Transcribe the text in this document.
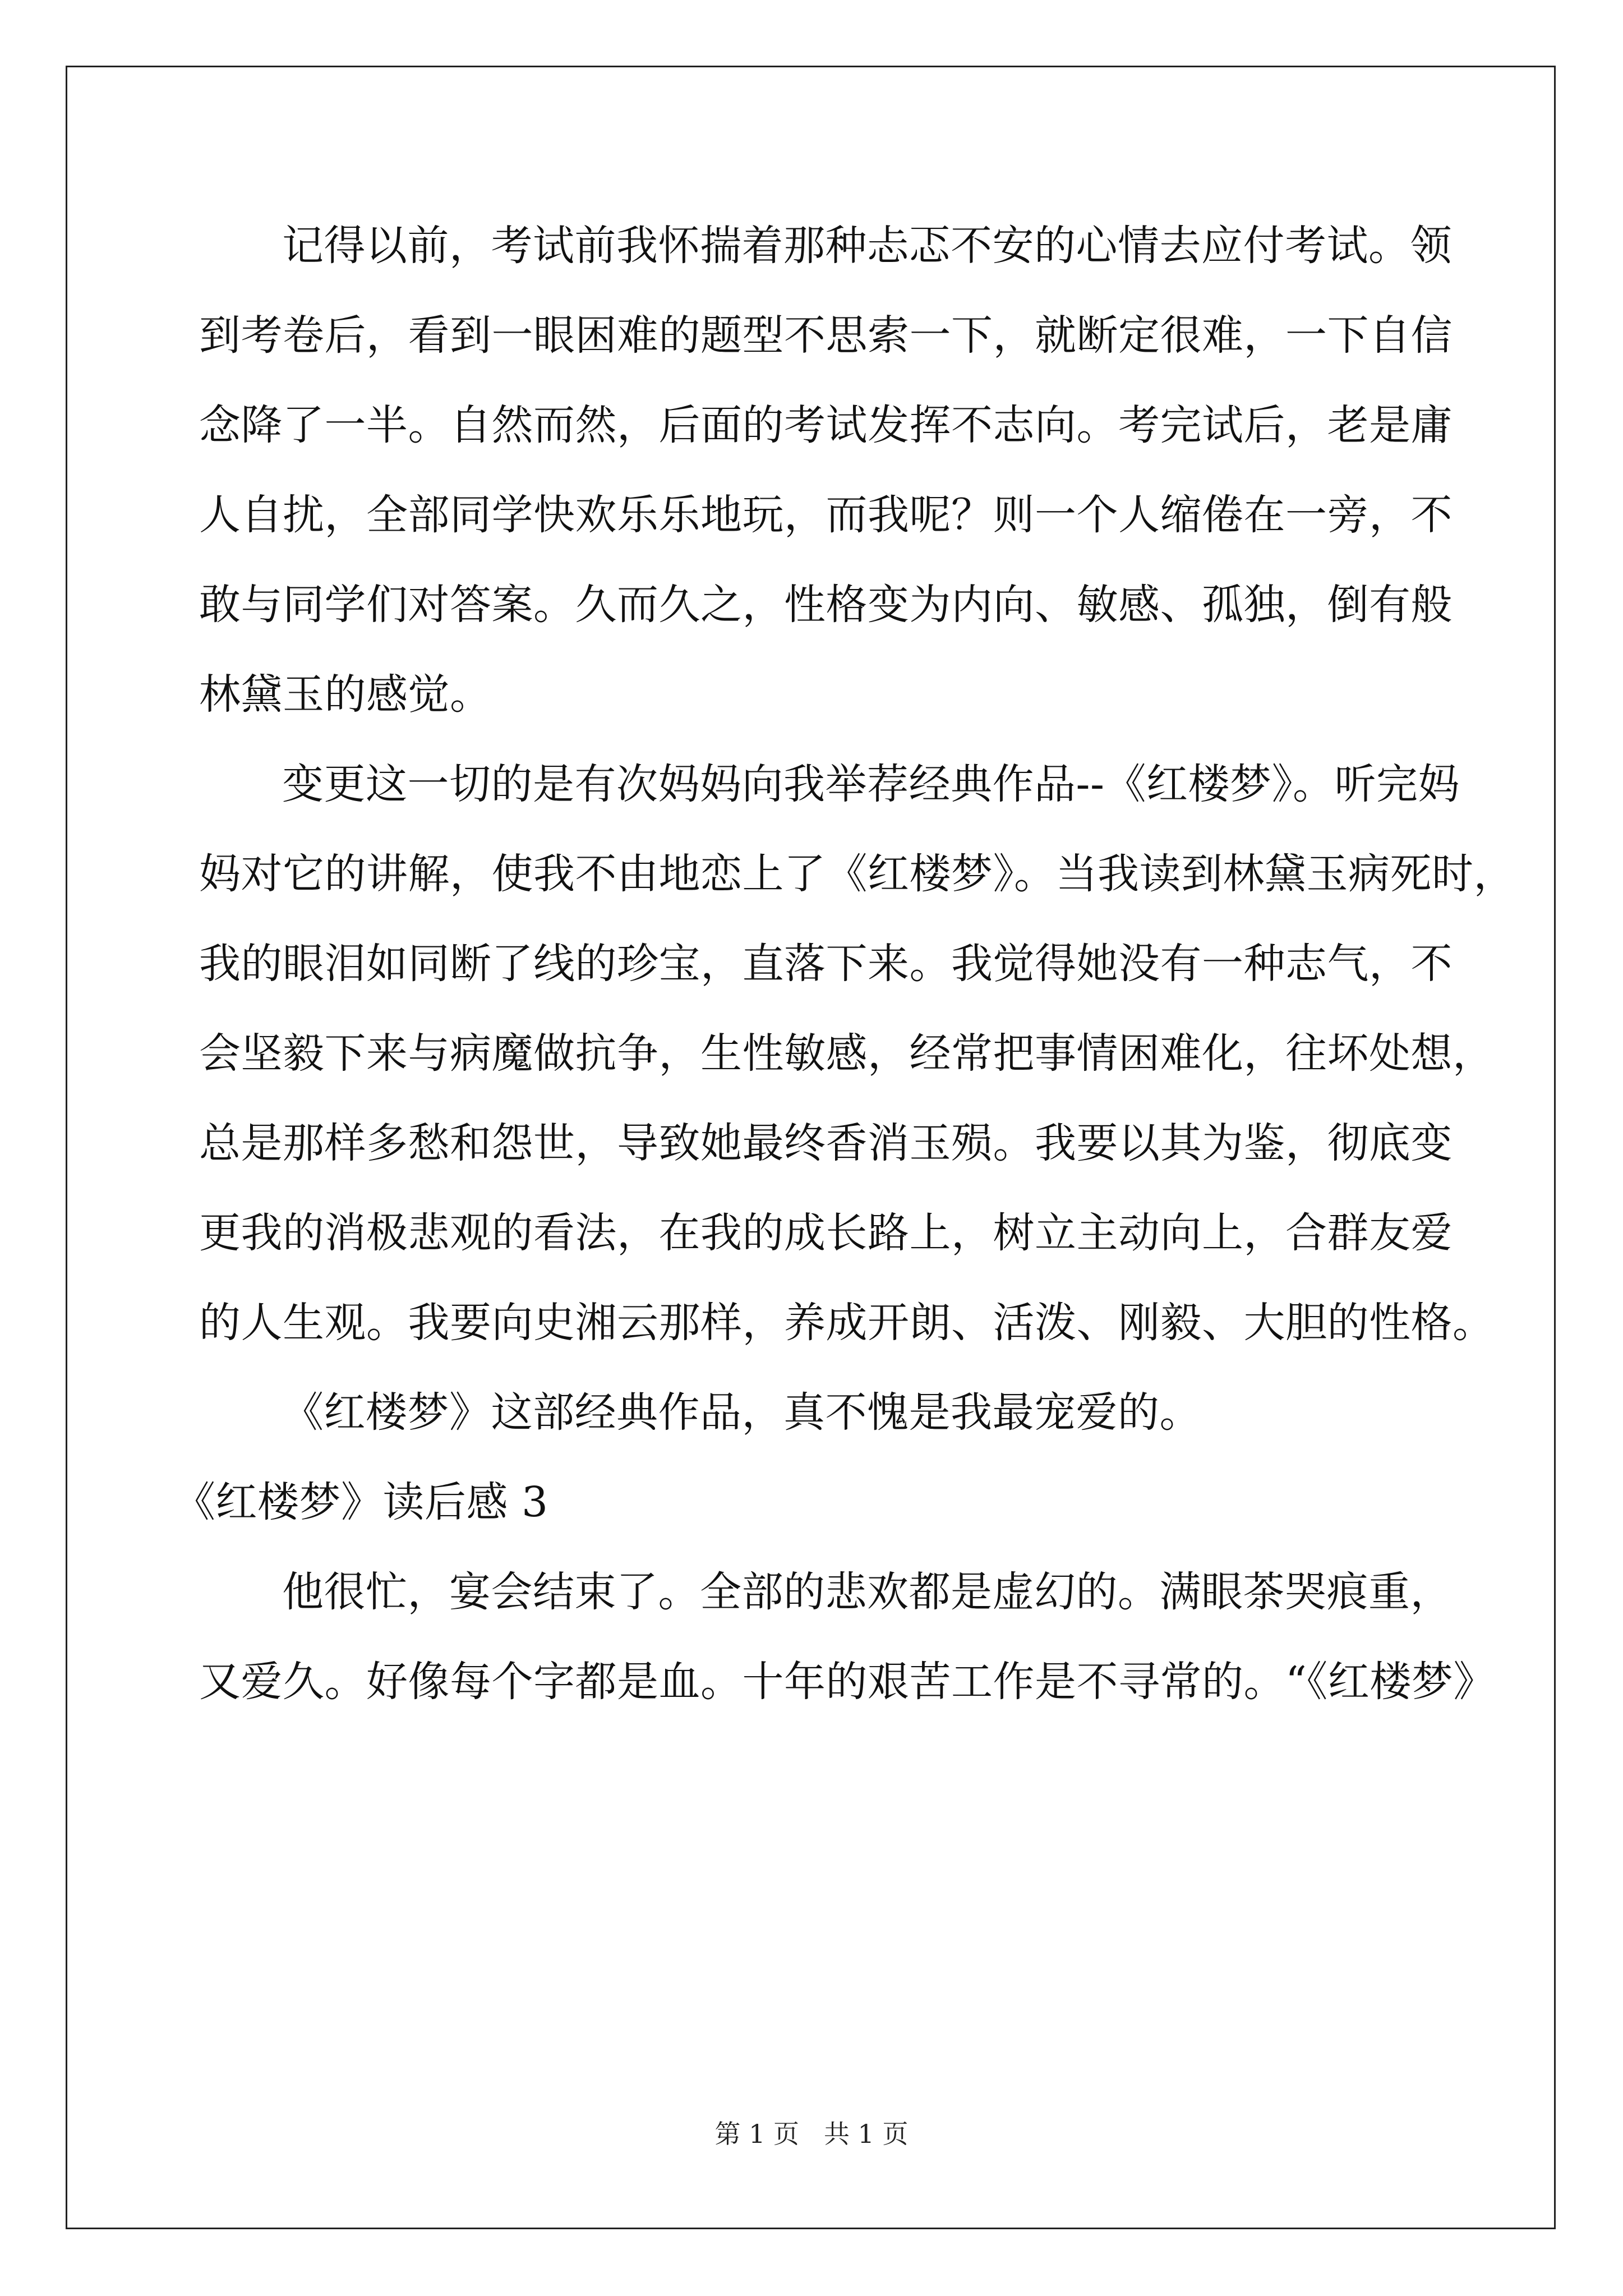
记得以前，考试前我怀揣着那种忐忑不安的心情去应付考试。领
到考卷后，看到一眼困难的题型不思索一下，就断定很难，一下自信
念降了一半。自然而然，后面的考试发挥不志向。考完试后，老是庸
人自扰，全部同学快欢乐乐地玩，而我呢？则一个人缩倦在一旁，不
敢与同学们对答案。久而久之，性格变为内向、敏感、孤独，倒有般
林黛玉的感觉。
变更这一切的是有次妈妈向我举荐经典作品--《红楼梦》。听完妈
妈对它的讲解，使我不由地恋上了《红楼梦》。当我读到林黛玉病死时，
我的眼泪如同断了线的珍宝，直落下来。我觉得她没有一种志气，不
会坚毅下来与病魔做抗争，生性敏感，经常把事情困难化，往坏处想，
总是那样多愁和怨世，导致她最终香消玉殒。我要以其为鉴，彻底变
更我的消极悲观的看法，在我的成长路上，树立主动向上，合群友爱
的人生观。我要向史湘云那样，养成开朗、活泼、刚毅、大胆的性格。
《红楼梦》这部经典作品，真不愧是我最宠爱的。
《红楼梦》读后感 3
他很忙，宴会结束了。全部的悲欢都是虚幻的。满眼茶哭痕重，
又爱久。好像每个字都是血。十年的艰苦工作是不寻常的。“《红楼梦》
第 1 页 共 1 页
